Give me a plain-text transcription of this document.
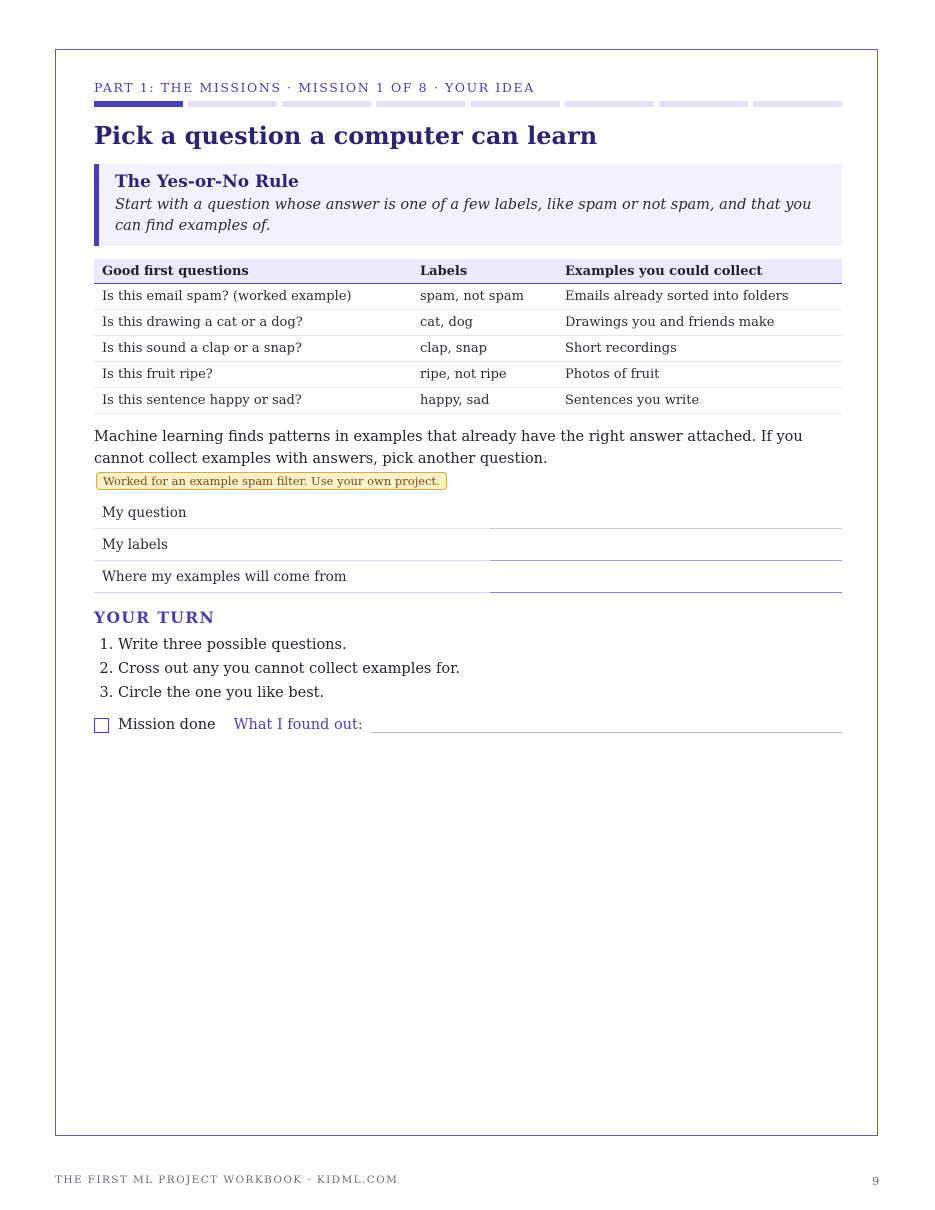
PART 1: THE MISSIONS · MISSION 1 OF 8 · YOUR IDEA
Pick a question a computer can learn
The Yes-or-No Rule
Start with a question whose answer is one of a few labels, like spam or not spam, and that you can find examples of.
Good first questions	Labels	Examples you could collect
Is this email spam? (worked example)	spam, not spam	Emails already sorted into folders
Is this drawing a cat or a dog?	cat, dog	Drawings you and friends make
Is this sound a clap or a snap?	clap, snap	Short recordings
Is this fruit ripe?	ripe, not ripe	Photos of fruit
Is this sentence happy or sad?	happy, sad	Sentences you write
Machine learning finds patterns in examples that already have the right answer attached. If you cannot collect examples with answers, pick another question. Worked for an example spam filter. Use your own project.
My question
My labels
Where my examples will come from
YOUR TURN
1. Write three possible questions.
2. Cross out any you cannot collect examples for.
3. Circle the one you like best.
Mission done What I found out:
THE FIRST ML PROJECT WORKBOOK · KIDML.COM	9
